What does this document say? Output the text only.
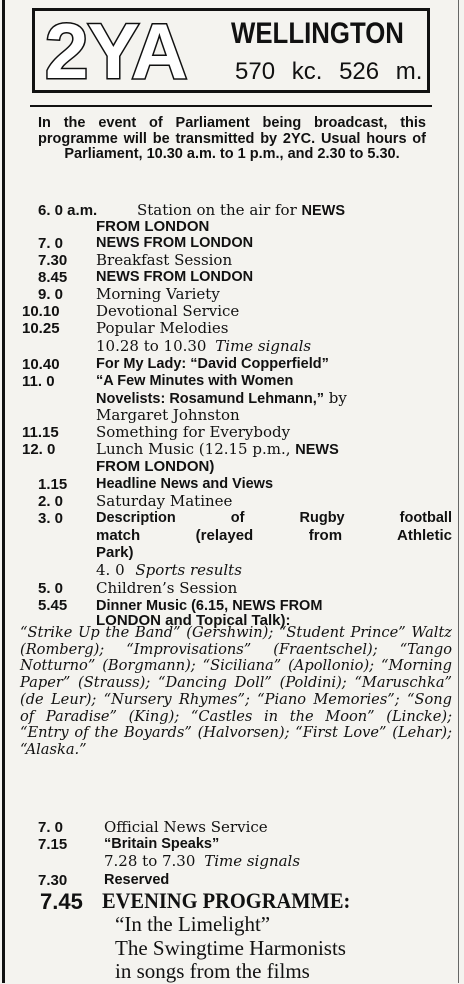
2YA WELLINGTON
570 kc. 526 m.
In the event of Parliament being broadcast, this programme will be transmitted by 2YC. Usual hours of Parliament, 10.30 a.m. to 1 p.m., and 2.30 to 5.30.
6. 0 a.m.	Station on the air for NEWS
FROM LONDON
7. 0 NEWS FROM LONDON
7.30 Breakfast Session
8.45 NEWS FROM LONDON
9. 0 Morning Variety
10.10 Devotional Service
10.25 Popular Melodies
10.28 to 10.30 Time signals
10.40	For My Lady: “David Copperfield”
11. 0	“A Few Minutes with Women
Novelists: Rosamund Lehmann,” by
Margaret Johnston
11.15 Something for Everybody
12. 0	Lunch Music (12.15 p.m., NEWS
FROM LONDON)
1.15 Headline News and Views
2. 0 Saturday Matinee
3. 0 Description of Rugby football
match (relayed from Athletic
Park)
4. 0 Sports results
5. 0 Children’s Session
5.45 Dinner Music (6.15, NEWS FROM
LONDON and Topical Talk):
“Strike Up the Band” (Gershwin); “Student Prince” Waltz (Romberg); “Improvisations” (Fraentschel); “Tango Notturno” (Borgmann); “Siciliana” (Apollonio); “Morning Paper” (Strauss); “Dancing Doll” (Poldini); “Maruschka” (de Leur); “Nursery Rhymes”; “Piano Memories”; “Song of Paradise” (King); “Castles in the Moon” (Lincke); “Entry of the Boyards” (Halvorsen); “First Love” (Lehar); “Alaska.”
7. 0	Official News Service
7.15	“Britain Speaks”
7.28 to 7.30 Time signals
7.30	Reserved
7.45 EVENING PROGRAMME:
“In the Limelight”
The Swingtime Harmonists
in songs from the films
